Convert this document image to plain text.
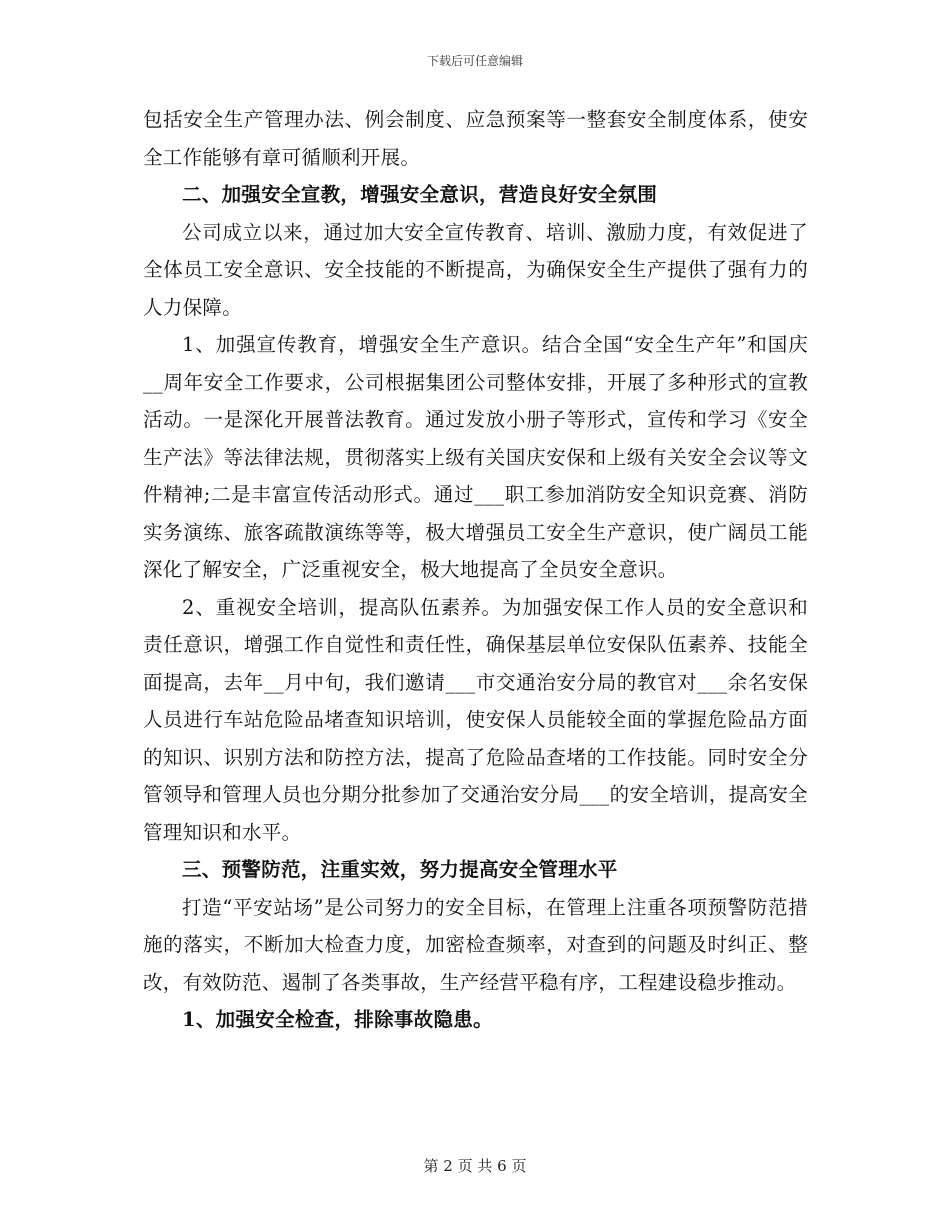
下载后可任意编辑

包括安全生产管理办法、例会制度、应急预案等一整套安全制度体系，使安全工作能够有章可循顺利开展。

二、加强安全宣教，增强安全意识，营造良好安全氛围

公司成立以来，通过加大安全宣传教育、培训、激励力度，有效促进了全体员工安全意识、安全技能的不断提高，为确保安全生产提供了强有力的人力保障。

1、加强宣传教育，增强安全生产意识。结合全国“安全生产年”和国庆__周年安全工作要求，公司根据集团公司整体安排，开展了多种形式的宣教活动。一是深化开展普法教育。通过发放小册子等形式，宣传和学习《安全生产法》等法律法规，贯彻落实上级有关国庆安保和上级有关安全会议等文件精神;二是丰富宣传活动形式。通过___职工参加消防安全知识竞赛、消防实务演练、旅客疏散演练等等，极大增强员工安全生产意识，使广阔员工能深化了解安全，广泛重视安全，极大地提高了全员安全意识。

2、重视安全培训，提高队伍素养。为加强安保工作人员的安全意识和责任意识，增强工作自觉性和责任性，确保基层单位安保队伍素养、技能全面提高，去年__月中旬，我们邀请___市交通治安分局的教官对___余名安保人员进行车站危险品堵查知识培训，使安保人员能较全面的掌握危险品方面的知识、识别方法和防控方法，提高了危险品查堵的工作技能。同时安全分管领导和管理人员也分期分批参加了交通治安分局___的安全培训，提高安全管理知识和水平。

三、预警防范，注重实效，努力提高安全管理水平

打造“平安站场”是公司努力的安全目标，在管理上注重各项预警防范措施的落实，不断加大检查力度，加密检查频率，对查到的问题及时纠正、整改，有效防范、遏制了各类事故，生产经营平稳有序，工程建设稳步推动。

1、加强安全检查，排除事故隐患。

第 2 页 共 6 页
